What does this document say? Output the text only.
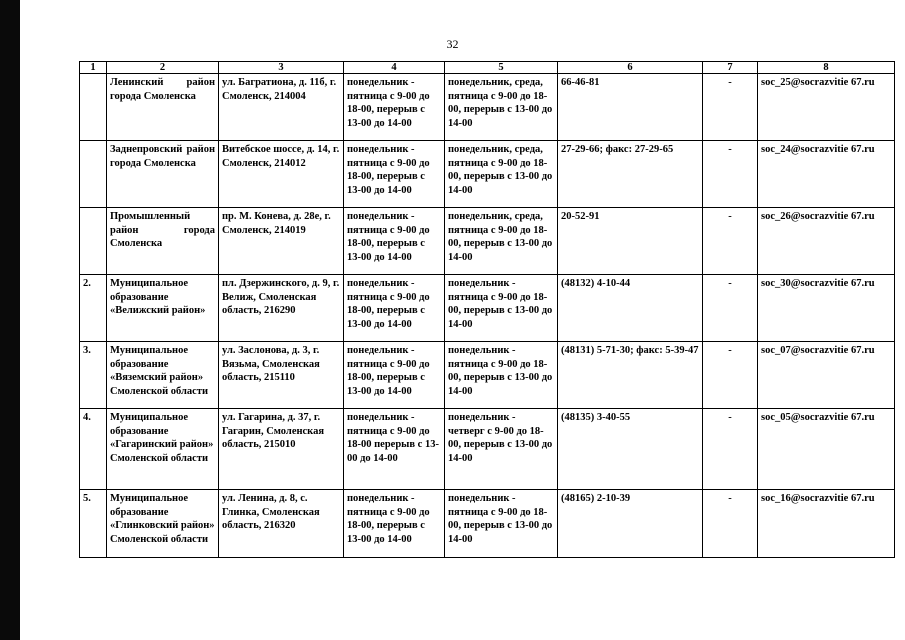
32
1	2	3	4	5	6	7	8
	Ленинский район города Смоленска	ул. Багратиона, д. 11б, г. Смоленск, 214004	понедельник - пятница с 9-00 до 18-00, перерыв с 13-00 до 14-00	понедельник, среда, пятница с 9-00 до 18-00, перерыв с 13-00 до 14-00	66-46-81	-	soc_25@socrazvitie 67.ru
	Заднепровский район города Смоленска	Витебское шоссе, д. 14, г. Смоленск, 214012	понедельник - пятница с 9-00 до 18-00, перерыв с 13-00 до 14-00	понедельник, среда, пятница с 9-00 до 18-00, перерыв с 13-00 до 14-00	27-29-66; факс: 27-29-65	-	soc_24@socrazvitie 67.ru
	Промышленный район города Смоленска	пр. М. Конева, д. 28е, г. Смоленск, 214019	понедельник - пятница с 9-00 до 18-00, перерыв с 13-00 до 14-00	понедельник, среда, пятница с 9-00 до 18-00, перерыв с 13-00 до 14-00	20-52-91	-	soc_26@socrazvitie 67.ru
2.	Муниципальное образование «Велижский район»	пл. Дзержинского, д. 9, г. Велиж, Смоленская область, 216290	понедельник - пятница с 9-00 до 18-00, перерыв с 13-00 до 14-00	понедельник - пятница с 9-00 до 18-00, перерыв с 13-00 до 14-00	(48132) 4-10-44	-	soc_30@socrazvitie 67.ru
3.	Муниципальное образование «Вяземский район» Смоленской области	ул. Заслонова, д. 3, г. Вязьма, Смоленская область, 215110	понедельник - пятница с 9-00 до 18-00, перерыв с 13-00 до 14-00	понедельник - пятница с 9-00 до 18-00, перерыв с 13-00 до 14-00	(48131) 5-71-30; факс: 5-39-47	-	soc_07@socrazvitie 67.ru
4.	Муниципальное образование «Гагаринский район» Смоленской области	ул. Гагарина, д. 37, г. Гагарин, Смоленская область, 215010	понедельник - пятница с 9-00 до 18-00 перерыв с 13-00 до 14-00	понедельник - четверг с 9-00 до 18-00, перерыв с 13-00 до 14-00	(48135) 3-40-55	-	soc_05@socrazvitie 67.ru
5.	Муниципальное образование «Глинковский район» Смоленской области	ул. Ленина, д. 8, с. Глинка, Смоленская область, 216320	понедельник - пятница с 9-00 до 18-00, перерыв с 13-00 до 14-00	понедельник - пятница с 9-00 до 18-00, перерыв с 13-00 до 14-00	(48165) 2-10-39	-	soc_16@socrazvitie 67.ru
